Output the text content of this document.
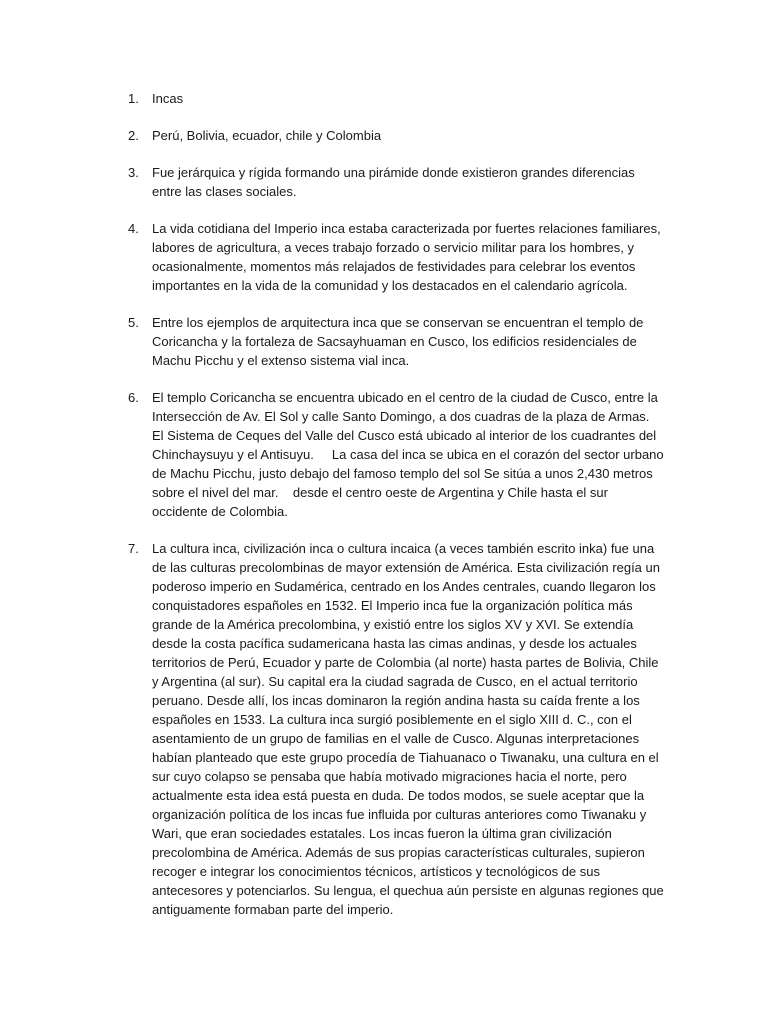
1. Incas
2. Perú, Bolivia, ecuador, chile y Colombia
3. Fue jerárquica y rígida formando una pirámide donde existieron grandes diferencias entre las clases sociales.
4. La vida cotidiana del Imperio inca estaba caracterizada por fuertes relaciones familiares, labores de agricultura, a veces trabajo forzado o servicio militar para los hombres, y ocasionalmente, momentos más relajados de festividades para celebrar los eventos importantes en la vida de la comunidad y los destacados en el calendario agrícola.
5. Entre los ejemplos de arquitectura inca que se conservan se encuentran el templo de Coricancha y la fortaleza de Sacsayhuaman en Cusco, los edificios residenciales de Machu Picchu y el extenso sistema vial inca.
6. El templo Coricancha se encuentra ubicado en el centro de la ciudad de Cusco, entre la Intersección de Av. El Sol y calle Santo Domingo, a dos cuadras de la plaza de Armas.
El Sistema de Ceques del Valle del Cusco está ubicado al interior de los cuadrantes del Chinchaysuyu y el Antisuyu.     La casa del inca se ubica en el corazón del sector urbano de Machu Picchu, justo debajo del famoso templo del sol Se sitúa a unos 2,430 metros sobre el nivel del mar.    desde el centro oeste de Argentina y Chile hasta el sur occidente de Colombia.
7. La cultura inca, civilización inca o cultura incaica (a veces también escrito inka) fue una de las culturas precolombinas de mayor extensión de América. Esta civilización regía un poderoso imperio en Sudamérica, centrado en los Andes centrales, cuando llegaron los conquistadores españoles en 1532. El Imperio inca fue la organización política más grande de la América precolombina, y existió entre los siglos XV y XVI. Se extendía desde la costa pacífica sudamericana hasta las cimas andinas, y desde los actuales territorios de Perú, Ecuador y parte de Colombia (al norte) hasta partes de Bolivia, Chile y Argentina (al sur). Su capital era la ciudad sagrada de Cusco, en el actual territorio peruano. Desde allí, los incas dominaron la región andina hasta su caída frente a los españoles en 1533. La cultura inca surgió posiblemente en el siglo XIII d. C., con el asentamiento de un grupo de familias en el valle de Cusco. Algunas interpretaciones habían planteado que este grupo procedía de Tiahuanaco o Tiwanaku, una cultura en el sur cuyo colapso se pensaba que había motivado migraciones hacia el norte, pero actualmente esta idea está puesta en duda. De todos modos, se suele aceptar que la organización política de los incas fue influida por culturas anteriores como Tiwanaku y Wari, que eran sociedades estatales. Los incas fueron la última gran civilización precolombina de América. Además de sus propias características culturales, supieron recoger e integrar los conocimientos técnicos, artísticos y tecnológicos de sus antecesores y potenciarlos. Su lengua, el quechua aún persiste en algunas regiones que antiguamente formaban parte del imperio.
